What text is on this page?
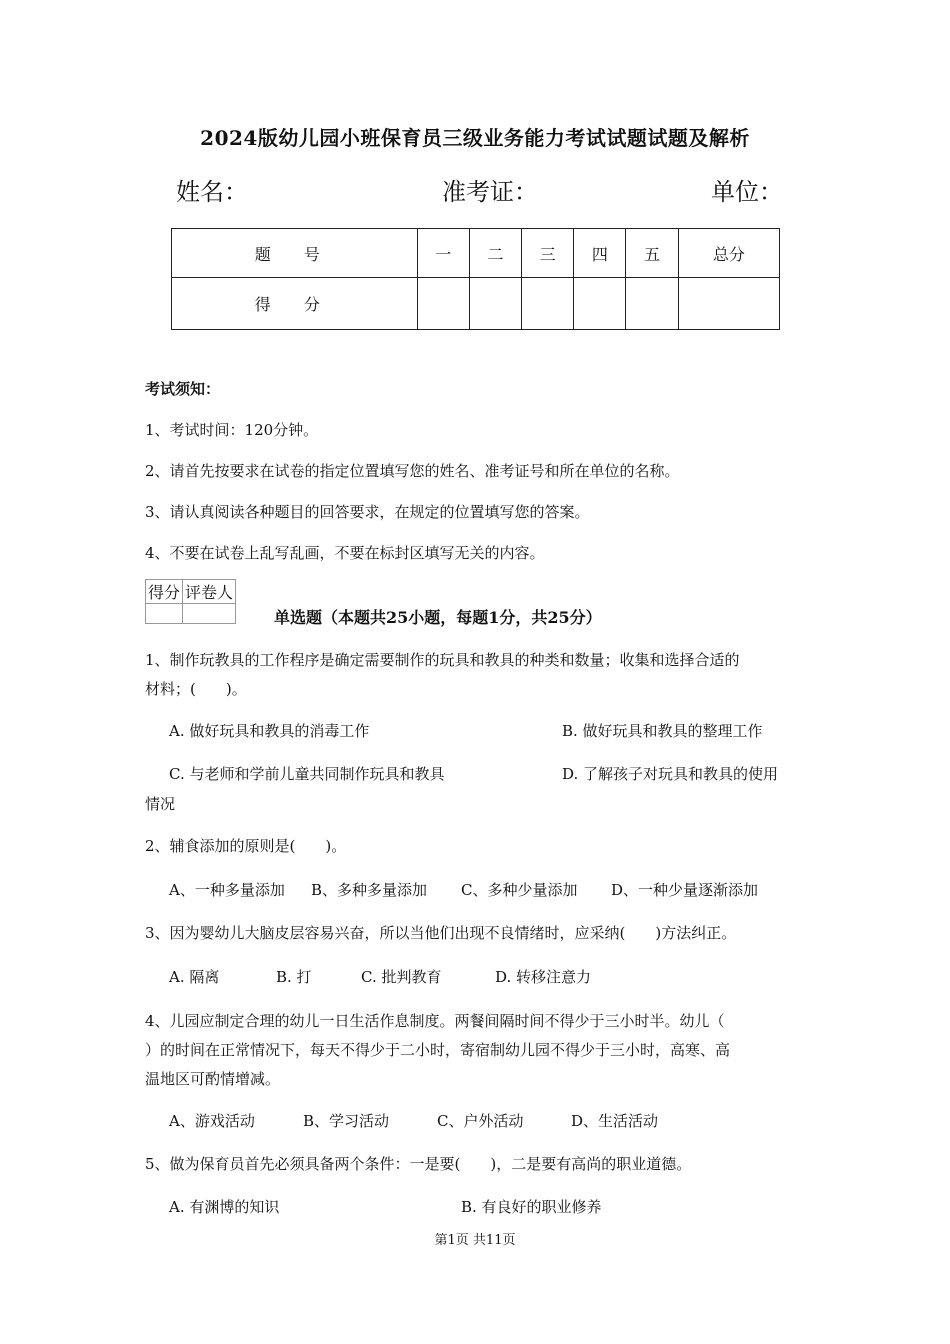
2024版幼儿园小班保育员三级业务能力考试试题试题及解析
姓名：	准考证：	单位：
题 号	一	二	三	四	五	总分
得 分						
考试须知：
1、考试时间：120分钟。
2、请首先按要求在试卷的指定位置填写您的姓名、准考证号和所在单位的名称。
3、请认真阅读各种题目的回答要求，在规定的位置填写您的答案。
4、不要在试卷上乱写乱画，不要在标封区填写无关的内容。
得分	评卷人

单选题（本题共25小题，每题1分，共25分）
1、制作玩教具的工作程序是确定需要制作的玩具和教具的种类和数量；收集和选择合适的
材料；(　　)。
A. 做好玩具和教具的消毒工作	B. 做好玩具和教具的整理工作
C. 与老师和学前儿童共同制作玩具和教具	D. 了解孩子对玩具和教具的使用
情况
2、辅食添加的原则是(　　)。
A、一种多量添加 B、多种多量添加 C、多种少量添加 D、一种少量逐渐添加
3、因为婴幼儿大脑皮层容易兴奋，所以当他们出现不良情绪时，应采纳(　　)方法纠正。
A. 隔离	B. 打	C. 批判教育	D. 转移注意力
4、儿园应制定合理的幼儿一日生活作息制度。两餐间隔时间不得少于三小时半。幼儿（
）的时间在正常情况下，每天不得少于二小时，寄宿制幼儿园不得少于三小时，高寒、高
温地区可酌情增减。
A、游戏活动	B、学习活动	C、户外活动	D、生活活动
5、做为保育员首先必须具备两个条件：一是要(　　)，二是要有高尚的职业道德。
A. 有渊博的知识	B. 有良好的职业修养
第1页 共11页
